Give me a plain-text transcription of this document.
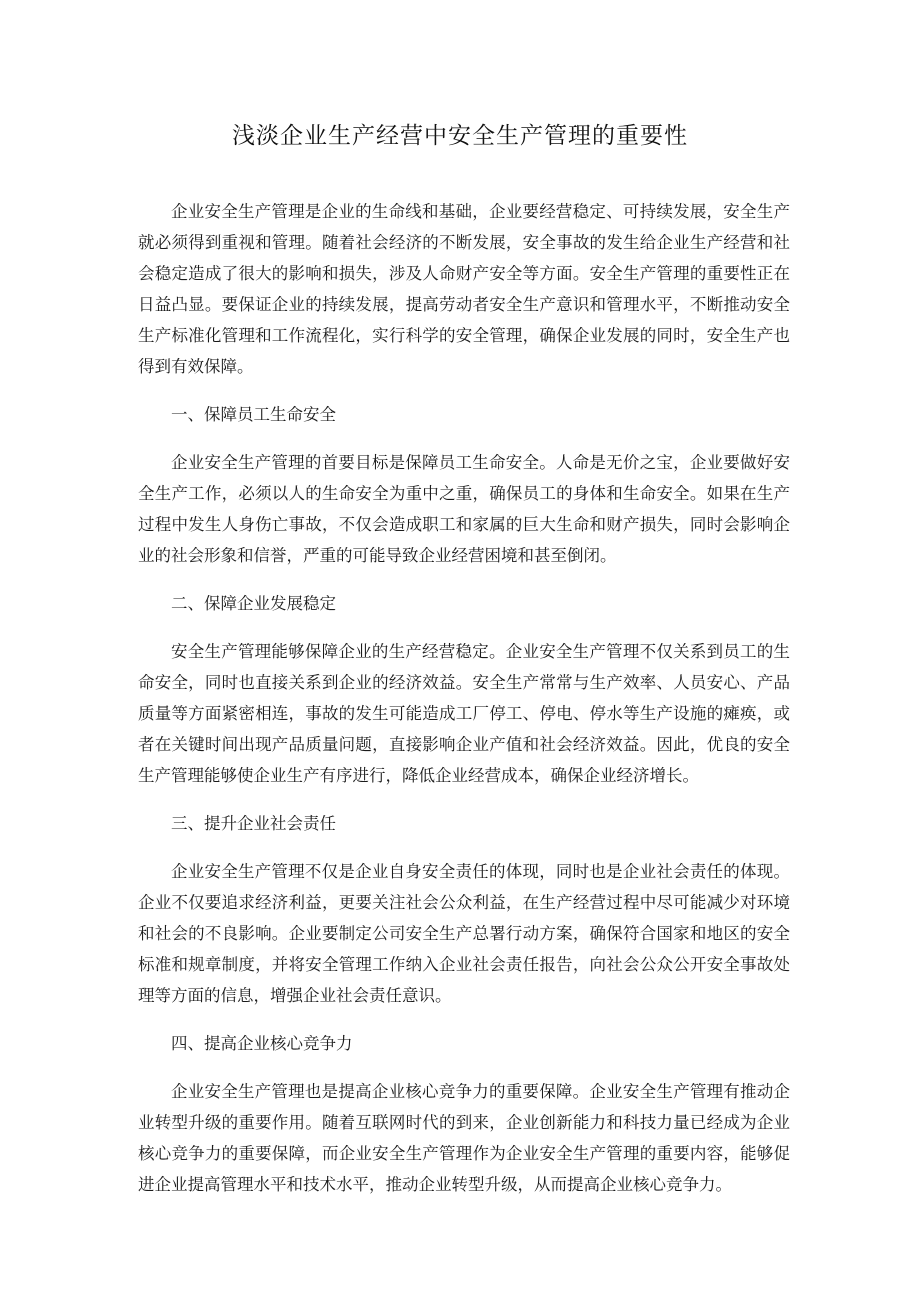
浅淡企业生产经营中安全生产管理的重要性

企业安全生产管理是企业的生命线和基础，企业要经营稳定、可持续发展，安全生产就必须得到重视和管理。随着社会经济的不断发展，安全事故的发生给企业生产经营和社会稳定造成了很大的影响和损失，涉及人命财产安全等方面。安全生产管理的重要性正在日益凸显。要保证企业的持续发展，提高劳动者安全生产意识和管理水平，不断推动安全生产标准化管理和工作流程化，实行科学的安全管理，确保企业发展的同时，安全生产也得到有效保障。

一、保障员工生命安全

企业安全生产管理的首要目标是保障员工生命安全。人命是无价之宝，企业要做好安全生产工作，必须以人的生命安全为重中之重，确保员工的身体和生命安全。如果在生产过程中发生人身伤亡事故，不仅会造成职工和家属的巨大生命和财产损失，同时会影响企业的社会形象和信誉，严重的可能导致企业经营困境和甚至倒闭。

二、保障企业发展稳定

安全生产管理能够保障企业的生产经营稳定。企业安全生产管理不仅关系到员工的生命安全，同时也直接关系到企业的经济效益。安全生产常常与生产效率、人员安心、产品质量等方面紧密相连，事故的发生可能造成工厂停工、停电、停水等生产设施的瘫痪，或者在关键时间出现产品质量问题，直接影响企业产值和社会经济效益。因此，优良的安全生产管理能够使企业生产有序进行，降低企业经营成本，确保企业经济增长。

三、提升企业社会责任

企业安全生产管理不仅是企业自身安全责任的体现，同时也是企业社会责任的体现。企业不仅要追求经济利益，更要关注社会公众利益，在生产经营过程中尽可能减少对环境和社会的不良影响。企业要制定公司安全生产总署行动方案，确保符合国家和地区的安全标准和规章制度，并将安全管理工作纳入企业社会责任报告，向社会公众公开安全事故处理等方面的信息，增强企业社会责任意识。

四、提高企业核心竞争力

企业安全生产管理也是提高企业核心竞争力的重要保障。企业安全生产管理有推动企业转型升级的重要作用。随着互联网时代的到来，企业创新能力和科技力量已经成为企业核心竞争力的重要保障，而企业安全生产管理作为企业安全生产管理的重要内容，能够促进企业提高管理水平和技术水平，推动企业转型升级，从而提高企业核心竞争力。
